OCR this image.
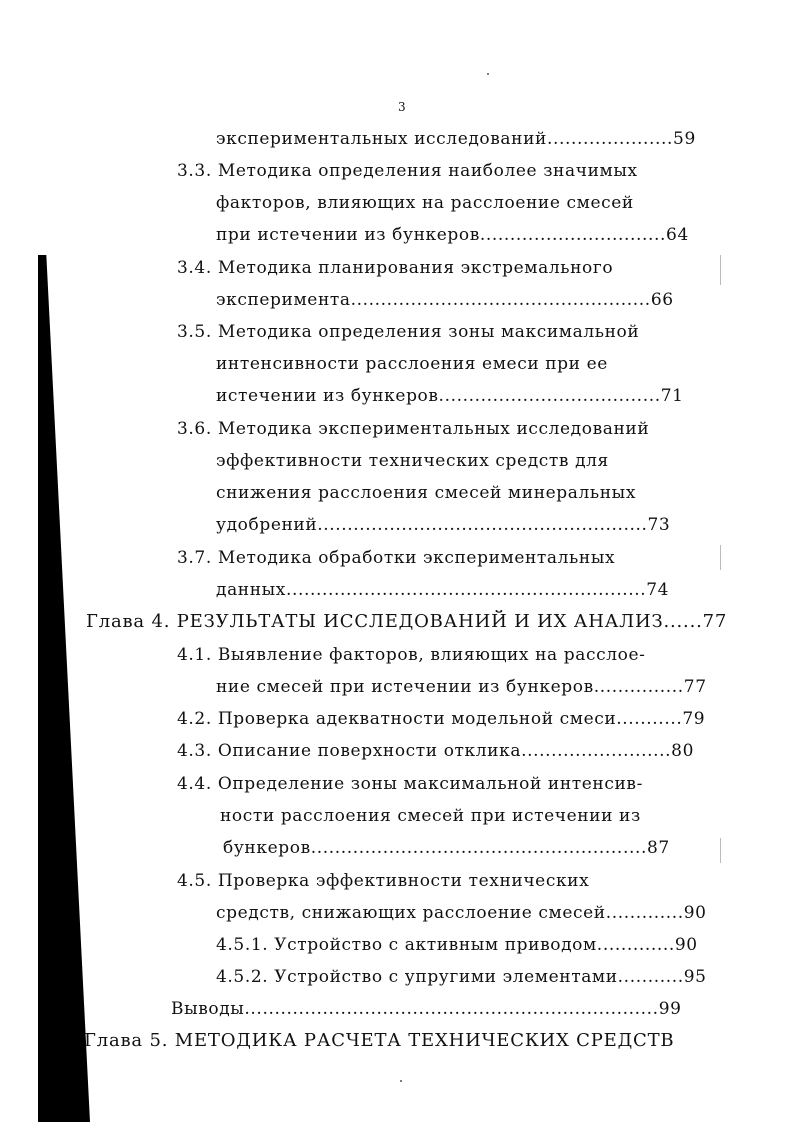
3
экспериментальных исследований.....................59
3.3. Методика определения наиболее значимых
факторов, влияющих на расслоение смесей
при истечении из бункеров...............................64
3.4. Методика планирования экстремального
эксперимента..................................................66
3.5. Методика определения зоны максимальной
интенсивности расслоения емеси при ее
истечении из бункеров.....................................71
3.6. Методика экспериментальных исследований
эффективности технических средств для
снижения расслоения смесей минеральных
удобрений.......................................................73
3.7. Методика обработки экспериментальных
данных............................................................74
Глава 4. РЕЗУЛЬТАТЫ ИССЛЕДОВАНИЙ И ИХ АНАЛИЗ......77
4.1. Выявление факторов, влияющих на расслое-
ние смесей при истечении из бункеров...............77
4.2. Проверка адекватности модельной смеси...........79
4.3. Описание поверхности отклика.........................80
4.4. Определение зоны максимальной интенсив-
ности расслоения смесей при истечении из
бункеров........................................................87
4.5. Проверка эффективности технических
средств, снижающих расслоение смесей.............90
4.5.1. Устройство с активным приводом.............90
4.5.2. Устройство с упругими элементами...........95
Выводы.....................................................................99
Глава 5. МЕТОДИКА РАСЧЕТА ТЕХНИЧЕСКИХ СРЕДСТВ
